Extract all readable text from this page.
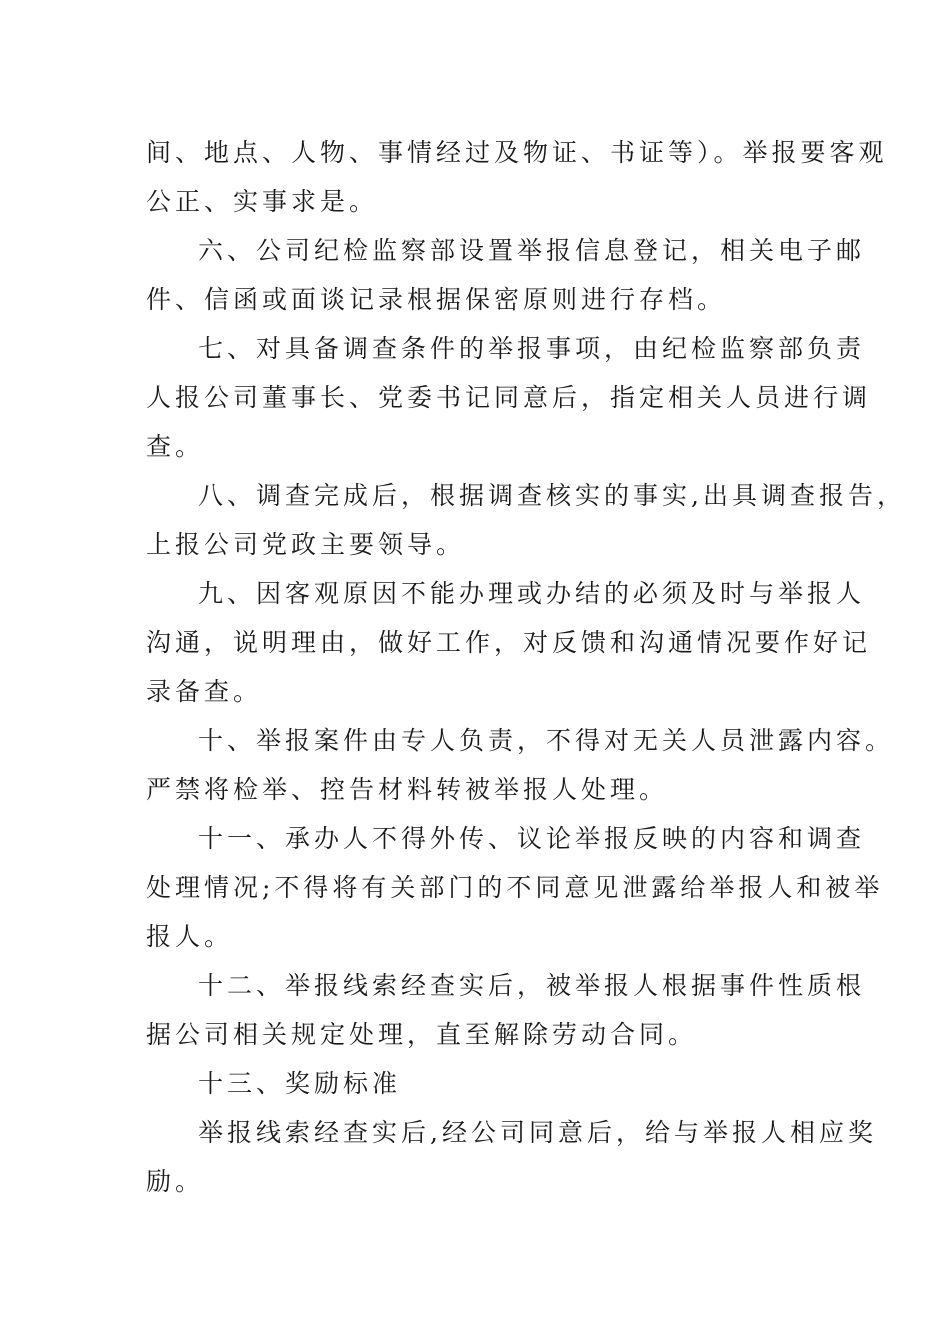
间、地点、人物、事情经过及物证、书证等）。举报要客观
公正、实事求是。
六、公司纪检监察部设置举报信息登记，相关电子邮
件、信函或面谈记录根据保密原则进行存档。
七、对具备调查条件的举报事项，由纪检监察部负责
人报公司董事长、党委书记同意后，指定相关人员进行调
查。
八、调查完成后，根据调查核实的事实,出具调查报告，
上报公司党政主要领导。
九、因客观原因不能办理或办结的必须及时与举报人
沟通，说明理由，做好工作，对反馈和沟通情况要作好记
录备查。
十、举报案件由专人负责，不得对无关人员泄露内容。
严禁将检举、控告材料转被举报人处理。
十一、承办人不得外传、议论举报反映的内容和调查
处理情况;不得将有关部门的不同意见泄露给举报人和被举
报人。
十二、举报线索经查实后，被举报人根据事件性质根
据公司相关规定处理，直至解除劳动合同。
十三、奖励标准
举报线索经查实后,经公司同意后，给与举报人相应奖
励。
